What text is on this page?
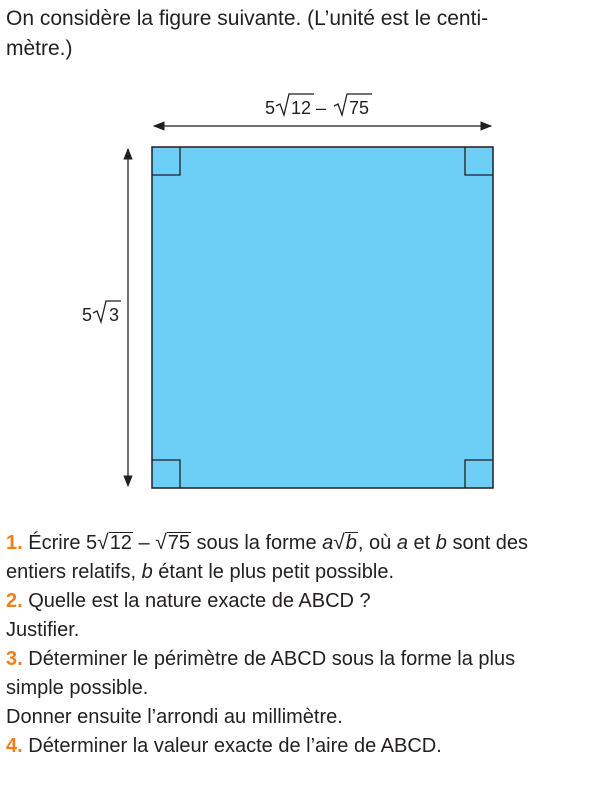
On considère la figure suivante. (L’unité est le centi-
mètre.)

5 12 – 75
5 3
1. Écrire 5√12 – √75 sous la forme a√b, où a et b sont des
entiers relatifs, b étant le plus petit possible.
2. Quelle est la nature exacte de ABCD ?
Justifier.
3. Déterminer le périmètre de ABCD sous la forme la plus
simple possible.
Donner ensuite l’arrondi au millimètre.
4. Déterminer la valeur exacte de l’aire de ABCD.
